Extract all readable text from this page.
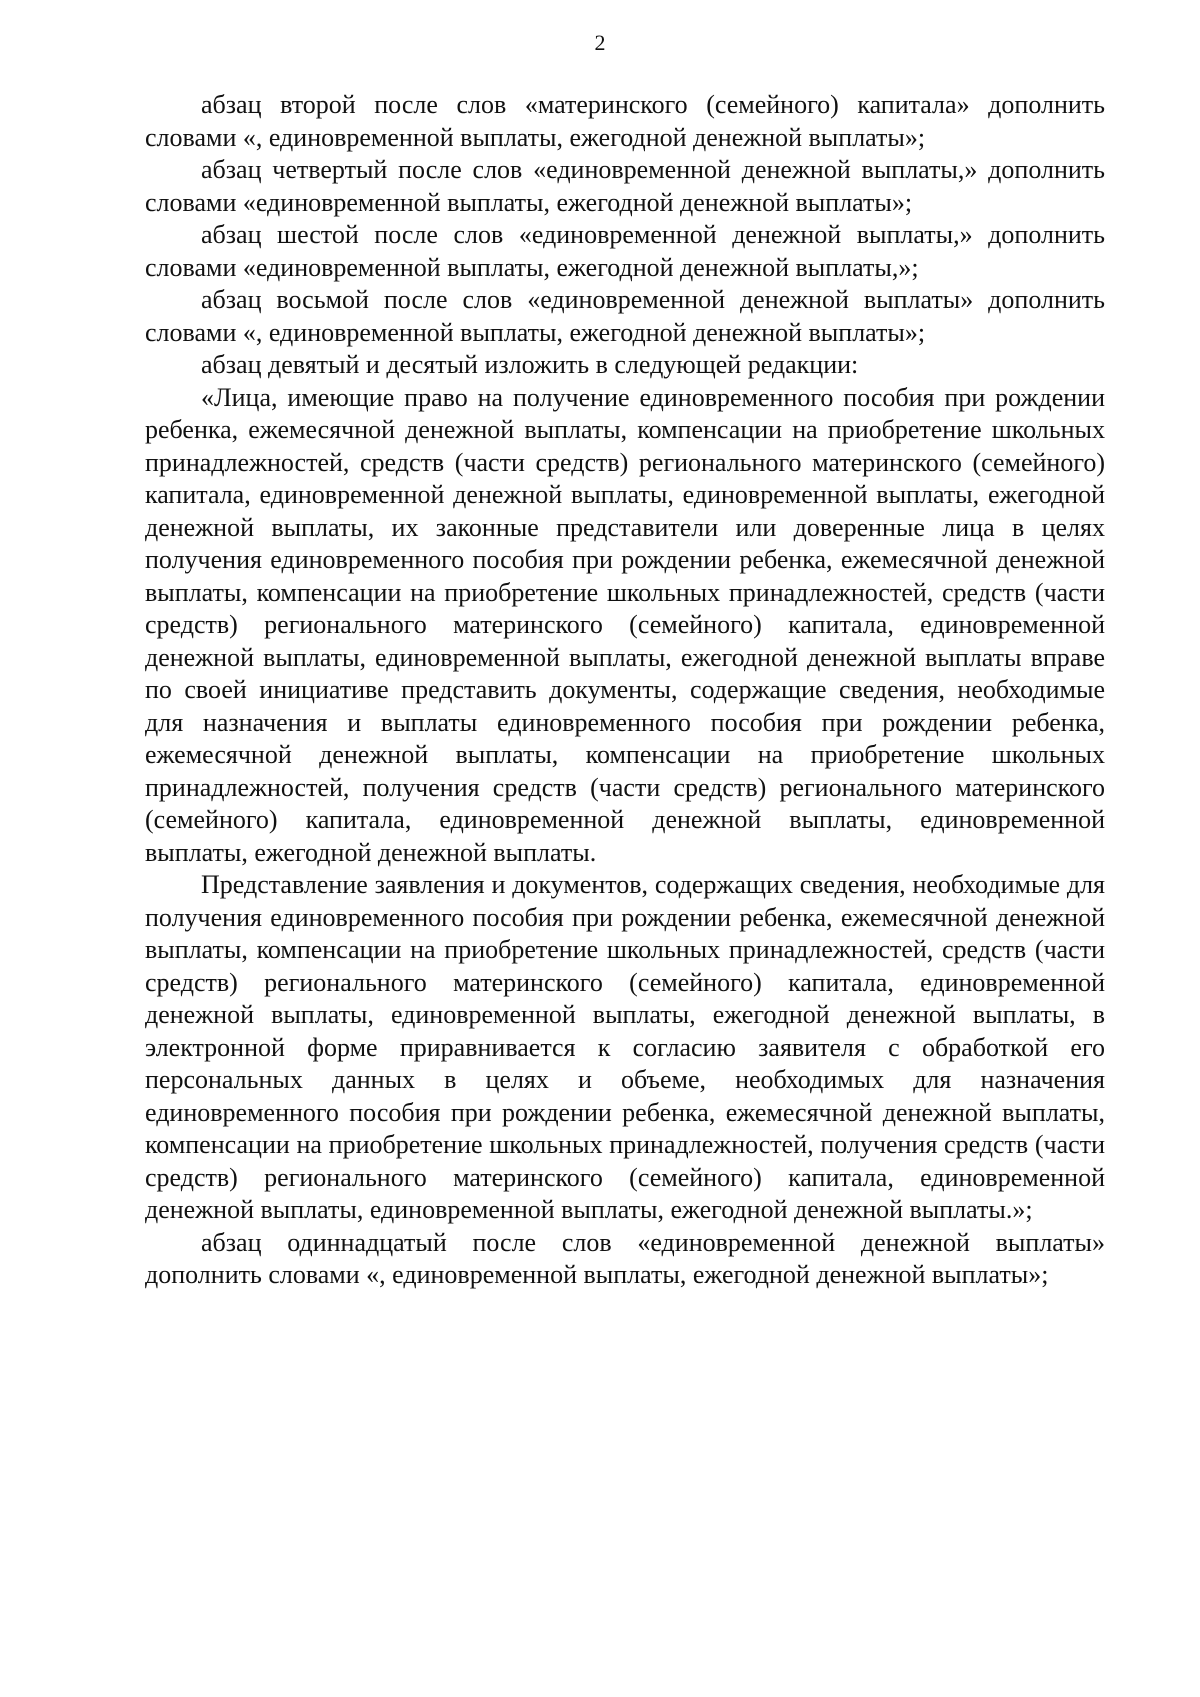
2

абзац второй после слов «материнского (семейного) капитала» дополнить словами «, единовременной выплаты, ежегодной денежной выплаты»;

абзац четвертый после слов «единовременной денежной выплаты,» дополнить словами «единовременной выплаты, ежегодной денежной выплаты»;

абзац шестой после слов «единовременной денежной выплаты,» дополнить словами «единовременной выплаты, ежегодной денежной выплаты,»;

абзац восьмой после слов «единовременной денежной выплаты» дополнить словами «, единовременной выплаты, ежегодной денежной выплаты»;

абзац девятый и десятый изложить в следующей редакции:

«Лица, имеющие право на получение единовременного пособия при рождении ребенка, ежемесячной денежной выплаты, компенсации на приобретение школьных принадлежностей, средств (части средств) регионального материнского (семейного) капитала, единовременной денежной выплаты, единовременной выплаты, ежегодной денежной выплаты, их законные представители или доверенные лица в целях получения единовременного пособия при рождении ребенка, ежемесячной денежной выплаты, компенсации на приобретение школьных принадлежностей, средств (части средств) регионального материнского (семейного) капитала, единовременной денежной выплаты, единовременной выплаты, ежегодной денежной выплаты вправе по своей инициативе представить документы, содержащие сведения, необходимые для назначения и выплаты единовременного пособия при рождении ребенка, ежемесячной денежной выплаты, компенсации на приобретение школьных принадлежностей, получения средств (части средств) регионального материнского (семейного) капитала, единовременной денежной выплаты, единовременной выплаты, ежегодной денежной выплаты.

Представление заявления и документов, содержащих сведения, необходимые для получения единовременного пособия при рождении ребенка, ежемесячной денежной выплаты, компенсации на приобретение школьных принадлежностей, средств (части средств) регионального материнского (семейного) капитала, единовременной денежной выплаты, единовременной выплаты, ежегодной денежной выплаты, в электронной форме приравнивается к согласию заявителя с обработкой его персональных данных в целях и объеме, необходимых для назначения единовременного пособия при рождении ребенка, ежемесячной денежной выплаты, компенсации на приобретение школьных принадлежностей, получения средств (части средств) регионального материнского (семейного) капитала, единовременной денежной выплаты, единовременной выплаты, ежегодной денежной выплаты.»;

абзац одиннадцатый после слов «единовременной денежной выплаты» дополнить словами «, единовременной выплаты, ежегодной денежной выплаты»;
